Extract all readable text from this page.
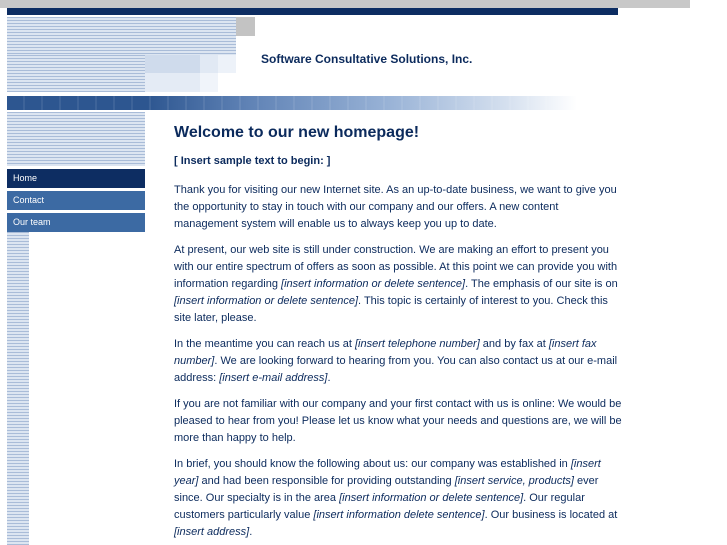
Software Consultative Solutions, Inc.
Home
Contact
Our team
Welcome to our new homepage!

[ Insert sample text to begin: ]

Thank you for visiting our new Internet site. As an up-to-date business, we want to give you the opportunity to stay in touch with our company and our offers. A new content management system will enable us to always keep you up to date.

At present, our web site is still under construction. We are making an effort to present you with our entire spectrum of offers as soon as possible. At this point we can provide you with information regarding [insert information or delete sentence]. The emphasis of our site is on [insert information or delete sentence]. This topic is certainly of interest to you. Check this site later, please.

In the meantime you can reach us at [insert telephone number] and by fax at [insert fax number]. We are looking forward to hearing from you. You can also contact us at our e-mail address: [insert e-mail address].

If you are not familiar with our company and your first contact with us is online: We would be pleased to hear from you! Please let us know what your needs and questions are, we will be more than happy to help.

In brief, you should know the following about us: our company was established in [insert year] and had been responsible for providing outstanding [insert service, products] ever since. Our specialty is in the area [insert information or delete sentence]. Our regular customers particularly value [insert information delete sentence]. Our business is located at [insert address].
